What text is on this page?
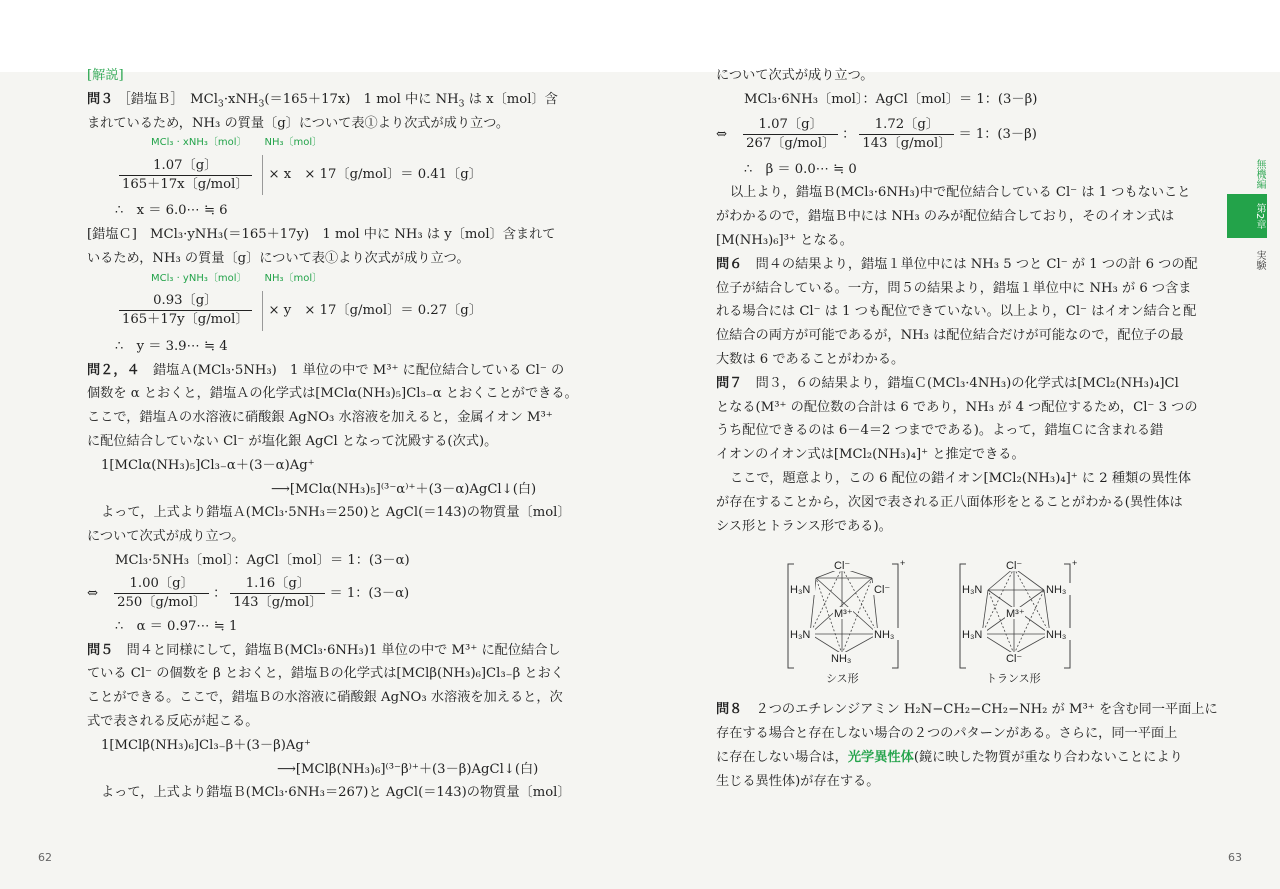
[解説]
問３ ［錯塩Ｂ］　MCl$_3$·xNH$_3$(＝165＋17x)　1 mol 中に $NH_3$ は x〔mol〕含
まれているため，NH₃ の質量〔g〕について表①より次式が成り立つ。
MCl₃ · xNH₃〔mol〕 NH₃〔mol〕
$\frac{1.07〔g〕}{\text{165＋17x〔g/mol〕}} \times x$　× 17〔g/mol〕＝ 0.41〔g〕
∴　x ＝ 6.0⋯ ≒ 6
[錯塩Ｃ]　MCl₃·yNH₃(＝165＋17y)　1 mol 中に NH₃ は y〔mol〕含まれて
いるため，NH₃ の質量〔g〕について表①より次式が成り立つ。
MCl₃ · yNH₃〔mol〕 NH₃〔mol〕
$\frac{0.93〔g〕}{\text{165＋17y〔g/mol〕}} \times y$　× 17〔g/mol〕＝ 0.27〔g〕
∴　y ＝ 3.9⋯ ≒ 4
問２，４　 錯塩Ａ(MCl₃·5NH₃)　1 単位の中で M³⁺ に配位結合している Cl⁻ の
個数を α とおくと，錯塩Ａの化学式は[MClα(NH₃)₅]Cl₃₋α とおくことができる。
ここで，錯塩Ａの水溶液に硝酸銀 AgNO₃ 水溶液を加えると，金属イオン M³⁺
に配位結合していない Cl⁻ が塩化銀 AgCl となって沈殿する(次式)。
1[MClα(NH₃)₅]Cl₃₋α＋(3－α)Ag⁺
⟶[MClα(NH₃)₅]⁽³⁻α⁾⁺＋(3－α)AgCl↓(白)
よって，上式より錯塩Ａ(MCl₃·5NH₃＝250)と AgCl(＝143)の物質量〔mol〕
について次式が成り立つ。
MCl₃·5NH₃〔mol〕：AgCl〔mol〕＝ 1：(3－α)
⇔ $\frac{1.00〔g〕}{\text{250〔g/mol〕}}$ ： $\frac{1.16〔g〕}{\text{143〔g/mol〕}} = 1$：(3－α)
∴　α ＝ 0.97⋯ ≒ 1
問５　 問４と同様にして，錯塩Ｂ(MCl₃·6NH₃)1 単位の中で M³⁺ に配位結合し
ている Cl⁻ の個数を β とおくと，錯塩Ｂの化学式は[MClβ(NH₃)₆]Cl₃₋β とおく
ことができる。ここで，錯塩Ｂの水溶液に硝酸銀 AgNO₃ 水溶液を加えると，次
式で表される反応が起こる。
1[MClβ(NH₃)₆]Cl₃₋β＋(3－β)Ag⁺
⟶[MClβ(NH₃)₆]⁽³⁻β⁾⁺＋(3－β)AgCl↓(白)
よって，上式より錯塩Ｂ(MCl₃·6NH₃＝267)と AgCl(＝143)の物質量〔mol〕
について次式が成り立つ。
MCl₃·6NH₃〔mol〕：AgCl〔mol〕＝ 1：(3－β)
⇔ $\frac{1.07〔g〕}{\text{267〔g/mol〕}}$ ： $\frac{1.72〔g〕}{\text{143〔g/mol〕}} = 1$：(3－β)
∴　β ＝ 0.0⋯ ≒ 0
以上より，錯塩Ｂ(MCl₃·6NH₃)中で配位結合している Cl⁻ は 1 つもないこと
がわかるので，錯塩Ｂ中には NH₃ のみが配位結合しており，そのイオン式は
[M(NH₃)₆]³⁺ となる。
問６　 問４の結果より，錯塩１単位中には NH₃ 5 つと Cl⁻ が 1 つの計 6 つの配
位子が結合している。一方，問５の結果より，錯塩１単位中に NH₃ が 6 つ含ま
れる場合には Cl⁻ は 1 つも配位できていない。以上より，Cl⁻ はイオン結合と配
位結合の両方が可能であるが，NH₃ は配位結合だけが可能なので，配位子の最
大数は 6 であることがわかる。
問７　 問３，６の結果より，錯塩Ｃ(MCl₃·4NH₃)の化学式は[MCl₂(NH₃)₄]Cl
となる(M³⁺ の配位数の合計は 6 であり，NH₃ が 4 つ配位するため，Cl⁻ 3 つの
うち配位できるのは 6－4＝2 つまでである)。よって，錯塩Ｃに含まれる錯
イオンのイオン式は[MCl₂(NH₃)₄]⁺ と推定できる。
ここで，題意より，この 6 配位の錯イオン[MCl₂(NH₃)₄]⁺ に 2 種類の異性体
が存在することから，次図で表される正八面体形をとることがわかる(異性体は
シス形とトランス形である)。
問８　 ２つのエチレンジアミン H₂N−CH₂−CH₂−NH₂ が M³⁺ を含む同一平面上に
存在する場合と存在しない場合の２つのパターンがある。さらに，同一平面上
に存在しない場合は，光学異性体(鏡に映した物質が重なり合わないことにより
生じる異性体)が存在する。
Cl⁻
Cl⁻
H₃N
H₃N	NH₃
NH₃
M³⁺
+
シス形
Cl⁻
H₃N	NH₃
H₃N	NH₃
Cl⁻
M³⁺
+
トランス形
無機編
第2章
実験
62	63
